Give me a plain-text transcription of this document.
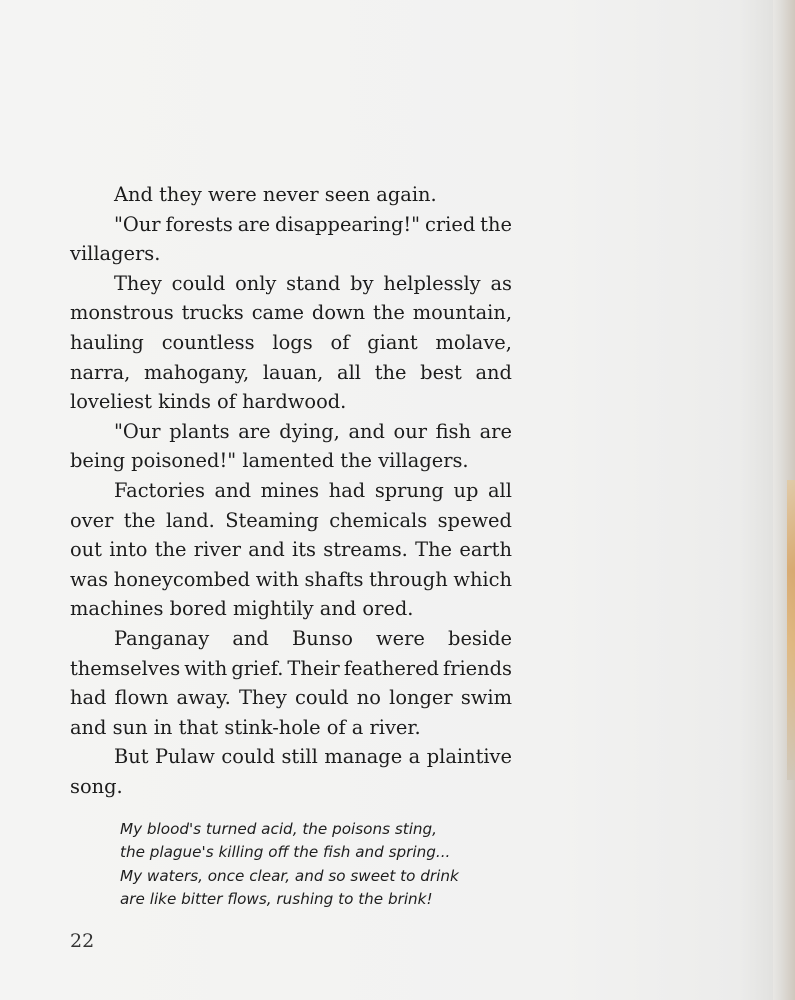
And they were never seen again.
"Our forests are disappearing!" cried the
villagers.
They could only stand by helplessly as
monstrous trucks came down the mountain,
hauling countless logs of giant molave,
narra, mahogany, lauan, all the best and
loveliest kinds of hardwood.
"Our plants are dying, and our fish are
being poisoned!" lamented the villagers.
Factories and mines had sprung up all
over the land. Steaming chemicals spewed
out into the river and its streams. The earth
was honeycombed with shafts through which
machines bored mightily and ored.
Panganay and Bunso were beside
themselves with grief. Their feathered friends
had flown away. They could no longer swim
and sun in that stink-hole of a river.
But Pulaw could still manage a plaintive
song.
My blood's turned acid, the poisons sting,
the plague's killing off the fish and spring...
My waters, once clear, and so sweet to drink
are like bitter flows, rushing to the brink!
22
